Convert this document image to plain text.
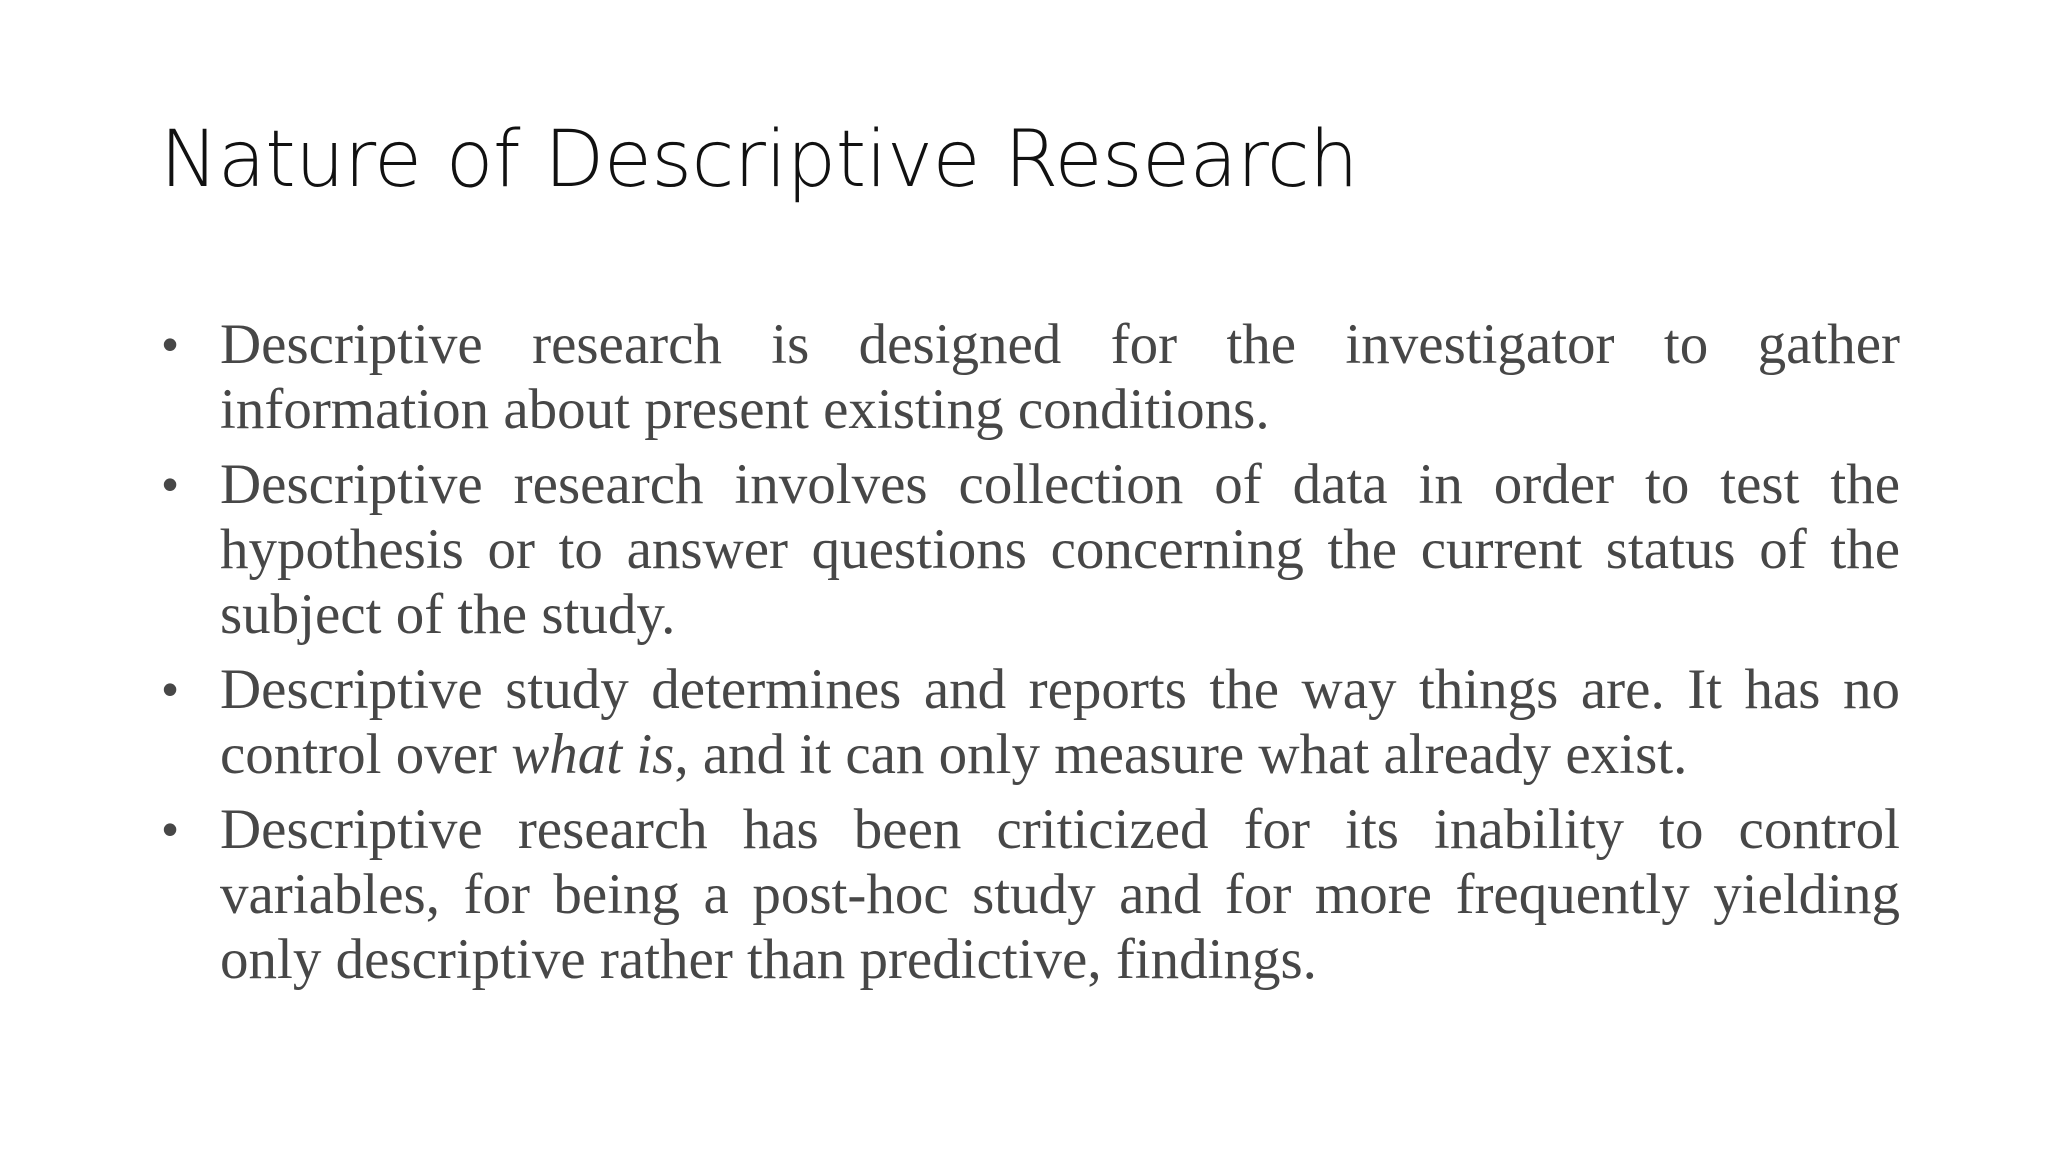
Nature of Descriptive Research
• Descriptive research is designed for the investigator to gather information about present existing conditions.
• Descriptive research involves collection of data in order to test the hypothesis or to answer questions concerning the current status of the subject of the study.
• Descriptive study determines and reports the way things are. It has no control over what is, and it can only measure what already exist.
• Descriptive research has been criticized for its inability to control variables, for being a post-hoc study and for more frequently yielding only descriptive rather than predictive, findings.
